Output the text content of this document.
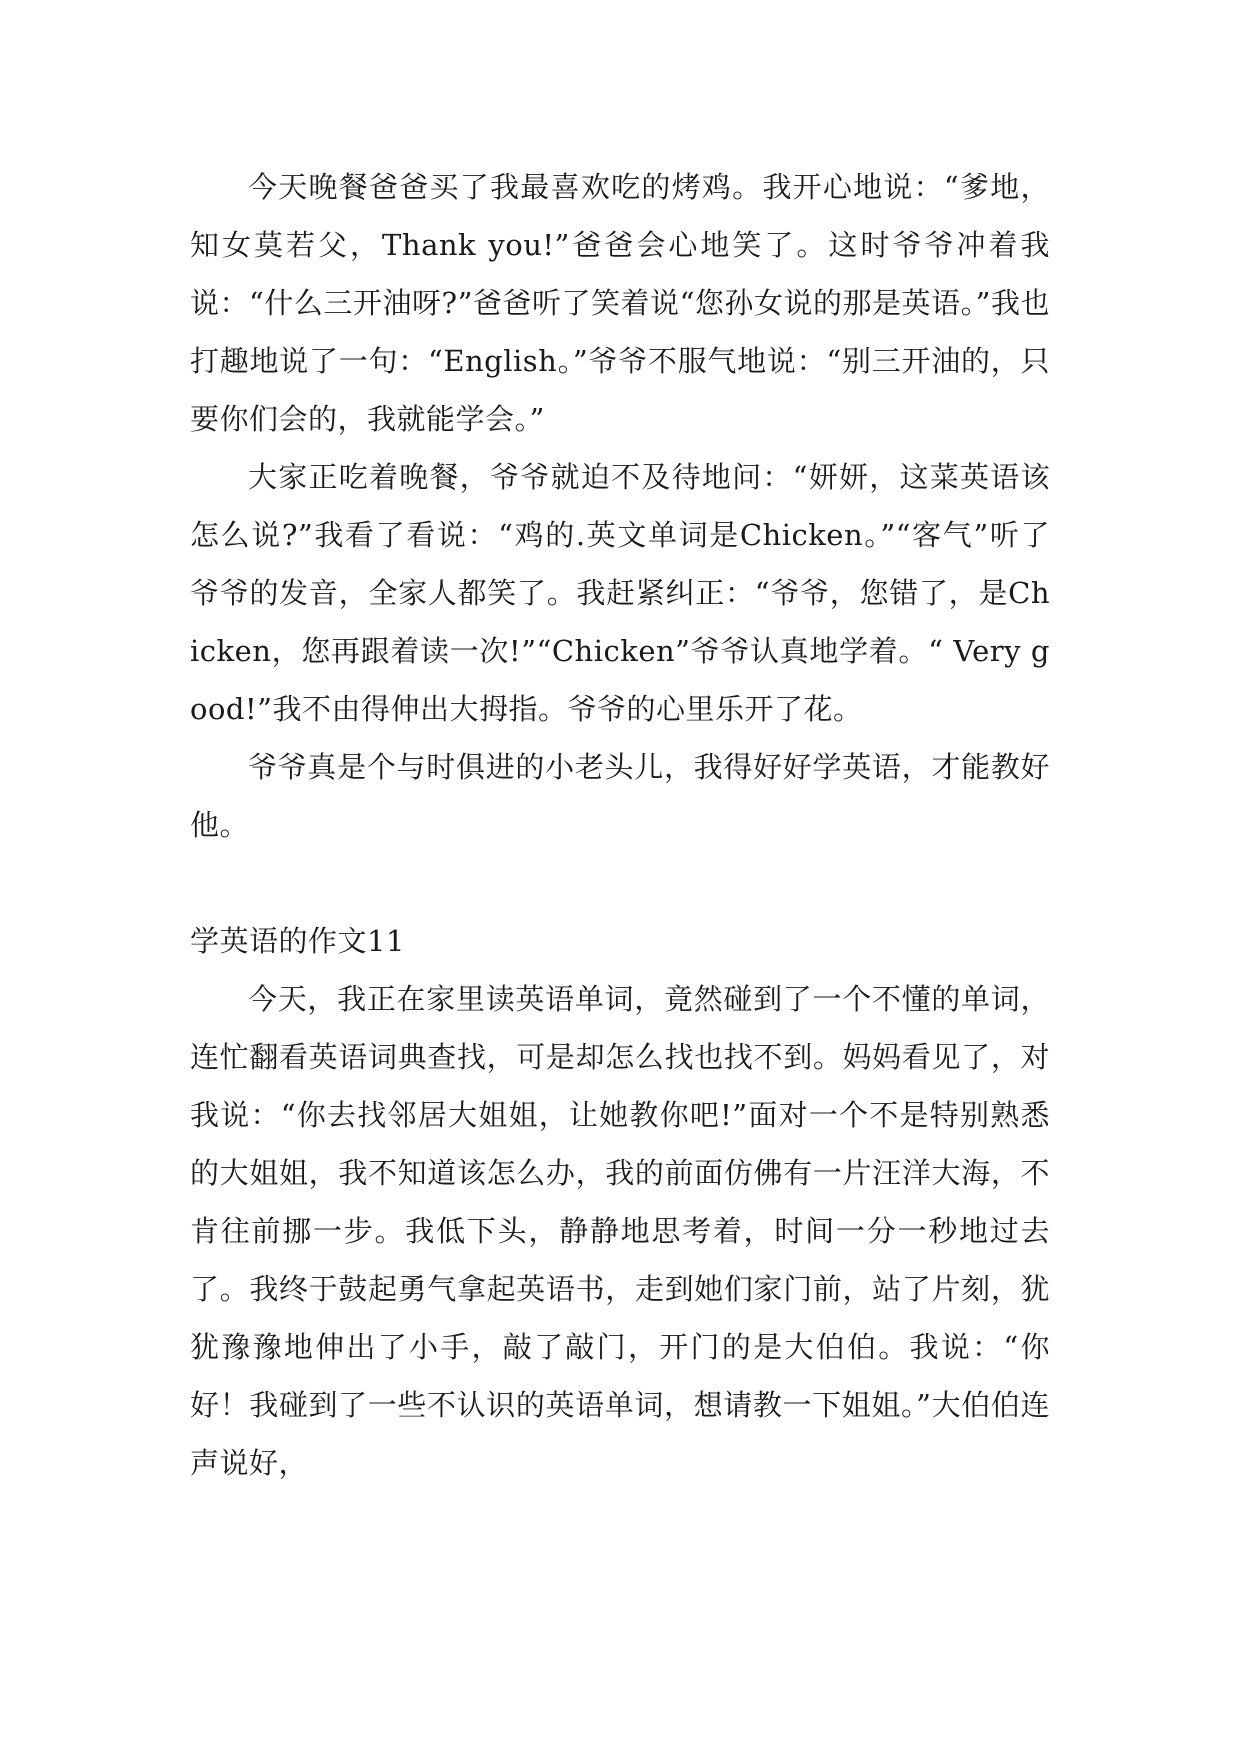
今天晚餐爸爸买了我最喜欢吃的烤鸡。我开心地说：“爹地，知女莫若父，Thank you!”爸爸会心地笑了。这时爷爷冲着我说：“什么三开油呀?”爸爸听了笑着说“您孙女说的那是英语。”我也打趣地说了一句：“English。”爷爷不服气地说：“别三开油的，只要你们会的，我就能学会。”

大家正吃着晚餐，爷爷就迫不及待地问：“妍妍，这菜英语该怎么说?”我看了看说：“鸡的.英文单词是Chicken。”“客气”听了爷爷的发音，全家人都笑了。我赶紧纠正：“爷爷，您错了，是Chicken，您再跟着读一次!”“Chicken”爷爷认真地学着。“ Very good!”我不由得伸出大拇指。爷爷的心里乐开了花。

爷爷真是个与时俱进的小老头儿，我得好好学英语，才能教好他。

学英语的作文11

今天，我正在家里读英语单词，竟然碰到了一个不懂的单词，连忙翻看英语词典查找，可是却怎么找也找不到。妈妈看见了，对我说：“你去找邻居大姐姐，让她教你吧!”面对一个不是特别熟悉的大姐姐，我不知道该怎么办，我的前面仿佛有一片汪洋大海，不肯往前挪一步。我低下头，静静地思考着，时间一分一秒地过去了。我终于鼓起勇气拿起英语书，走到她们家门前，站了片刻，犹犹豫豫地伸出了小手，敲了敲门，开门的是大伯伯。我说：“你好！我碰到了一些不认识的英语单词，想请教一下姐姐。”大伯伯连声说好，
